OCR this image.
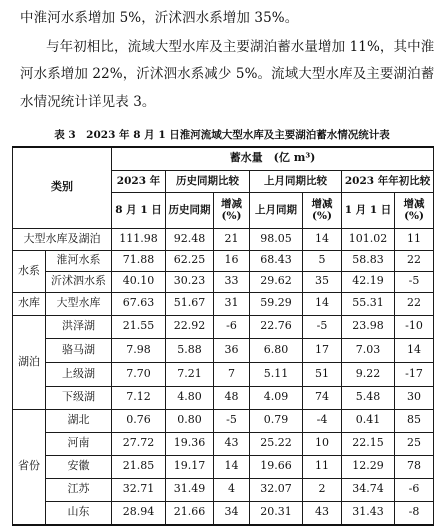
中淮河水系增加 5%，沂沭泗水系增加 35%。
与年初相比，流域大型水库及主要湖泊蓄水量增加 11%，其中淮
河水系增加 22%，沂沭泗水系减少 5%。流域大型水库及主要湖泊蓄
水情况统计详见表 3。
表 3　2023 年 8 月 1 日淮河流域大型水库及主要湖泊蓄水情况统计表
类别		蓄水量　(亿 m³)						
		2023 年	历史同期比较		上月同期比较		2023 年年初比较	
		8 月 1 日	历史同期	增减(%)	上月同期	增减(%)	1 月 1 日	增减(%)
大型水库及湖泊		111.98	92.48	21	98.05	14	101.02	11
水系	淮河水系	71.88	62.25	16	68.43	5	58.83	22
	沂沭泗水系	40.10	30.23	33	29.62	35	42.19	-5
水库	大型水库	67.63	51.67	31	59.29	14	55.31	22
湖泊	洪泽湖	21.55	22.92	-6	22.76	-5	23.98	-10
	骆马湖	7.98	5.88	36	6.80	17	7.03	14
	上级湖	7.70	7.21	7	5.11	51	9.22	-17
	下级湖	7.12	4.80	48	4.09	74	5.48	30
省份	湖北	0.76	0.80	-5	0.79	-4	0.41	85
	河南	27.72	19.36	43	25.22	10	22.15	25
	安徽	21.85	19.17	14	19.66	11	12.29	78
	江苏	32.71	31.49	4	32.07	2	34.74	-6
	山东	28.94	21.66	34	20.31	43	31.43	-8
